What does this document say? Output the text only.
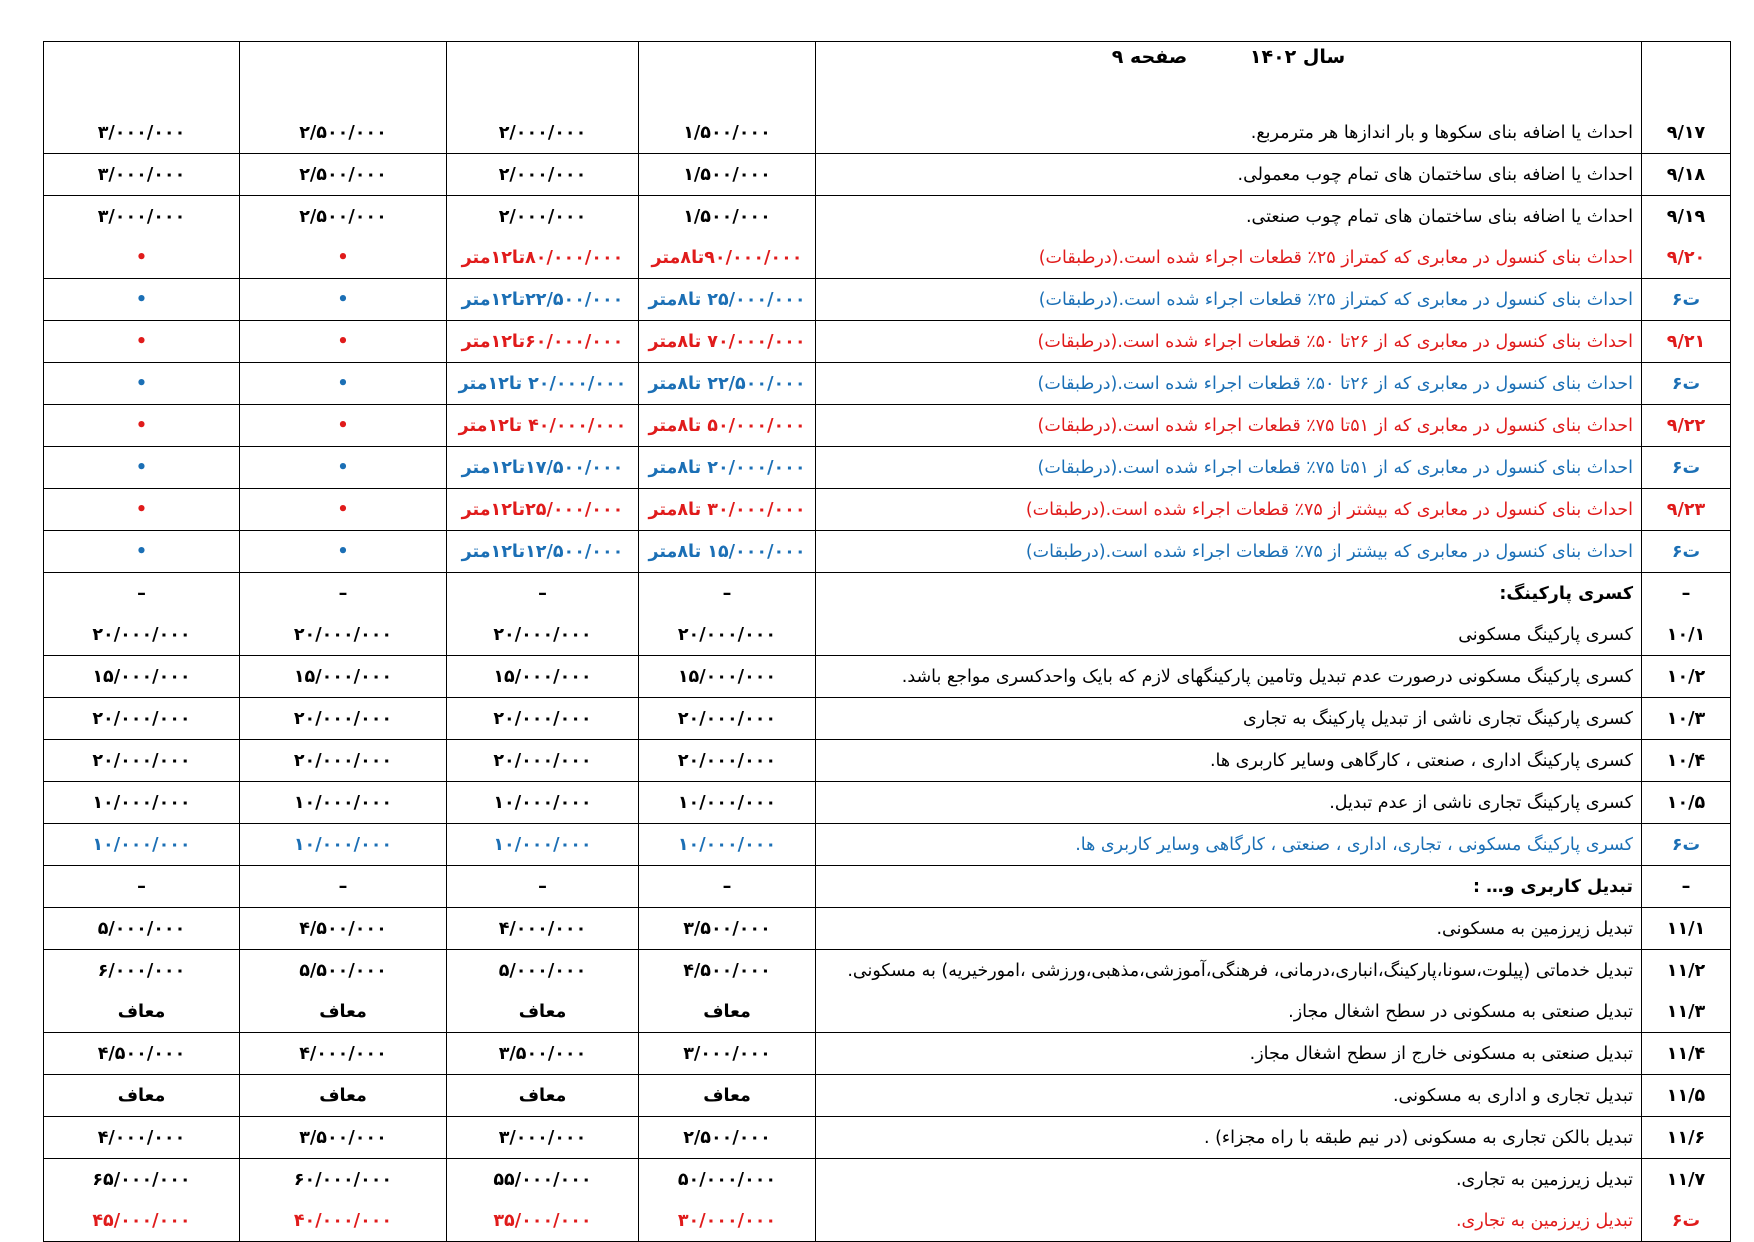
	سال ۱۴۰۲ صفحه ۹				

۹/۱۷	احداث یا اضافه بنای سکوها و بار اندازها هر مترمربع.	۱/۵۰۰/۰۰۰	۲/۰۰۰/۰۰۰	۲/۵۰۰/۰۰۰	۳/۰۰۰/۰۰۰
۹/۱۸	احداث یا اضافه بنای ساختمان های تمام چوب معمولی.	۱/۵۰۰/۰۰۰	۲/۰۰۰/۰۰۰	۲/۵۰۰/۰۰۰	۳/۰۰۰/۰۰۰
۹/۱۹	احداث یا اضافه بنای ساختمان های تمام چوب صنعتی.	۱/۵۰۰/۰۰۰	۲/۰۰۰/۰۰۰	۲/۵۰۰/۰۰۰	۳/۰۰۰/۰۰۰
۹/۲۰	احداث بنای کنسول در معابری که کمتراز ۲۵٪ قطعات اجراء شده است.(درطبقات)	۹۰/۰۰۰/۰۰۰تا۸متر	۸۰/۰۰۰/۰۰۰تا۱۲متر	•	•
ت۶	احداث بنای کنسول در معابری که کمتراز ۲۵٪ قطعات اجراء شده است.(درطبقات)	۲۵/۰۰۰/۰۰۰ تا۸متر	۲۲/۵۰۰/۰۰۰تا۱۲متر	•	•
۹/۲۱	احداث بنای کنسول در معابری که از ۲۶تا ۵۰٪ قطعات اجراء شده است.(درطبقات)	۷۰/۰۰۰/۰۰۰ تا۸متر	۶۰/۰۰۰/۰۰۰تا۱۲متر	•	•
ت۶	احداث بنای کنسول در معابری که از ۲۶تا ۵۰٪ قطعات اجراء شده است.(درطبقات)	۲۲/۵۰۰/۰۰۰ تا۸متر	۲۰/۰۰۰/۰۰۰ تا۱۲متر	•	•
۹/۲۲	احداث بنای کنسول در معابری که از ۵۱تا ۷۵٪ قطعات اجراء شده است.(درطبقات)	۵۰/۰۰۰/۰۰۰ تا۸متر	۴۰/۰۰۰/۰۰۰ تا۱۲متر	•	•
ت۶	احداث بنای کنسول در معابری که از ۵۱تا ۷۵٪ قطعات اجراء شده است.(درطبقات)	۲۰/۰۰۰/۰۰۰ تا۸متر	۱۷/۵۰۰/۰۰۰تا۱۲متر	•	•
۹/۲۳	احداث بنای کنسول در معابری که بیشتر از ۷۵٪ قطعات اجراء شده است.(درطبقات)	۳۰/۰۰۰/۰۰۰ تا۸متر	۲۵/۰۰۰/۰۰۰تا۱۲متر	•	•
ت۶	احداث بنای کنسول در معابری که بیشتر از ۷۵٪ قطعات اجراء شده است.(درطبقات)	۱۵/۰۰۰/۰۰۰ تا۸متر	۱۲/۵۰۰/۰۰۰تا۱۲متر	•	•
–	کسری پارکینگ:	–	–	–	–
۱۰/۱	کسری پارکینگ مسکونی	۲۰/۰۰۰/۰۰۰	۲۰/۰۰۰/۰۰۰	۲۰/۰۰۰/۰۰۰	۲۰/۰۰۰/۰۰۰
۱۰/۲	کسری پارکینگ مسکونی درصورت عدم تبدیل وتامین پارکینگهای لازم که بایک واحدکسری مواجع باشد.	۱۵/۰۰۰/۰۰۰	۱۵/۰۰۰/۰۰۰	۱۵/۰۰۰/۰۰۰	۱۵/۰۰۰/۰۰۰
۱۰/۳	کسری پارکینگ تجاری ناشی از تبدیل پارکینگ به تجاری	۲۰/۰۰۰/۰۰۰	۲۰/۰۰۰/۰۰۰	۲۰/۰۰۰/۰۰۰	۲۰/۰۰۰/۰۰۰
۱۰/۴	کسری پارکینگ اداری ، صنعتی ، کارگاهی وسایر کاربری ها.	۲۰/۰۰۰/۰۰۰	۲۰/۰۰۰/۰۰۰	۲۰/۰۰۰/۰۰۰	۲۰/۰۰۰/۰۰۰
۱۰/۵	کسری پارکینگ تجاری ناشی از عدم تبدیل.	۱۰/۰۰۰/۰۰۰	۱۰/۰۰۰/۰۰۰	۱۰/۰۰۰/۰۰۰	۱۰/۰۰۰/۰۰۰
ت۶	کسری پارکینگ مسکونی ، تجاری، اداری ، صنعتی ، کارگاهی وسایر کاربری ها.	۱۰/۰۰۰/۰۰۰	۱۰/۰۰۰/۰۰۰	۱۰/۰۰۰/۰۰۰	۱۰/۰۰۰/۰۰۰
–	تبدیل کاربری و… :	–	–	–	–
۱۱/۱	تبدیل زیرزمین به مسکونی.	۳/۵۰۰/۰۰۰	۴/۰۰۰/۰۰۰	۴/۵۰۰/۰۰۰	۵/۰۰۰/۰۰۰
۱۱/۲	تبدیل خدماتی (پیلوت،سونا،پارکینگ،انباری،درمانی، فرهنگی،آموزشی،مذهبی،ورزشی ،امورخیریه) به مسکونی.	۴/۵۰۰/۰۰۰	۵/۰۰۰/۰۰۰	۵/۵۰۰/۰۰۰	۶/۰۰۰/۰۰۰
۱۱/۳	تبدیل صنعتی به مسکونی در سطح اشغال مجاز.	معاف	معاف	معاف	معاف
۱۱/۴	تبدیل صنعتی به مسکونی خارج از سطح اشغال مجاز.	۳/۰۰۰/۰۰۰	۳/۵۰۰/۰۰۰	۴/۰۰۰/۰۰۰	۴/۵۰۰/۰۰۰
۱۱/۵	تبدیل تجاری و اداری به مسکونی.	معاف	معاف	معاف	معاف
۱۱/۶	تبدیل بالکن تجاری به مسکونی (در نیم طبقه با راه مجزاء) .	۲/۵۰۰/۰۰۰	۳/۰۰۰/۰۰۰	۳/۵۰۰/۰۰۰	۴/۰۰۰/۰۰۰
۱۱/۷	تبدیل زیرزمین به تجاری.	۵۰/۰۰۰/۰۰۰	۵۵/۰۰۰/۰۰۰	۶۰/۰۰۰/۰۰۰	۶۵/۰۰۰/۰۰۰
ت۶	تبدیل زیرزمین به تجاری.	۳۰/۰۰۰/۰۰۰	۳۵/۰۰۰/۰۰۰	۴۰/۰۰۰/۰۰۰	۴۵/۰۰۰/۰۰۰
